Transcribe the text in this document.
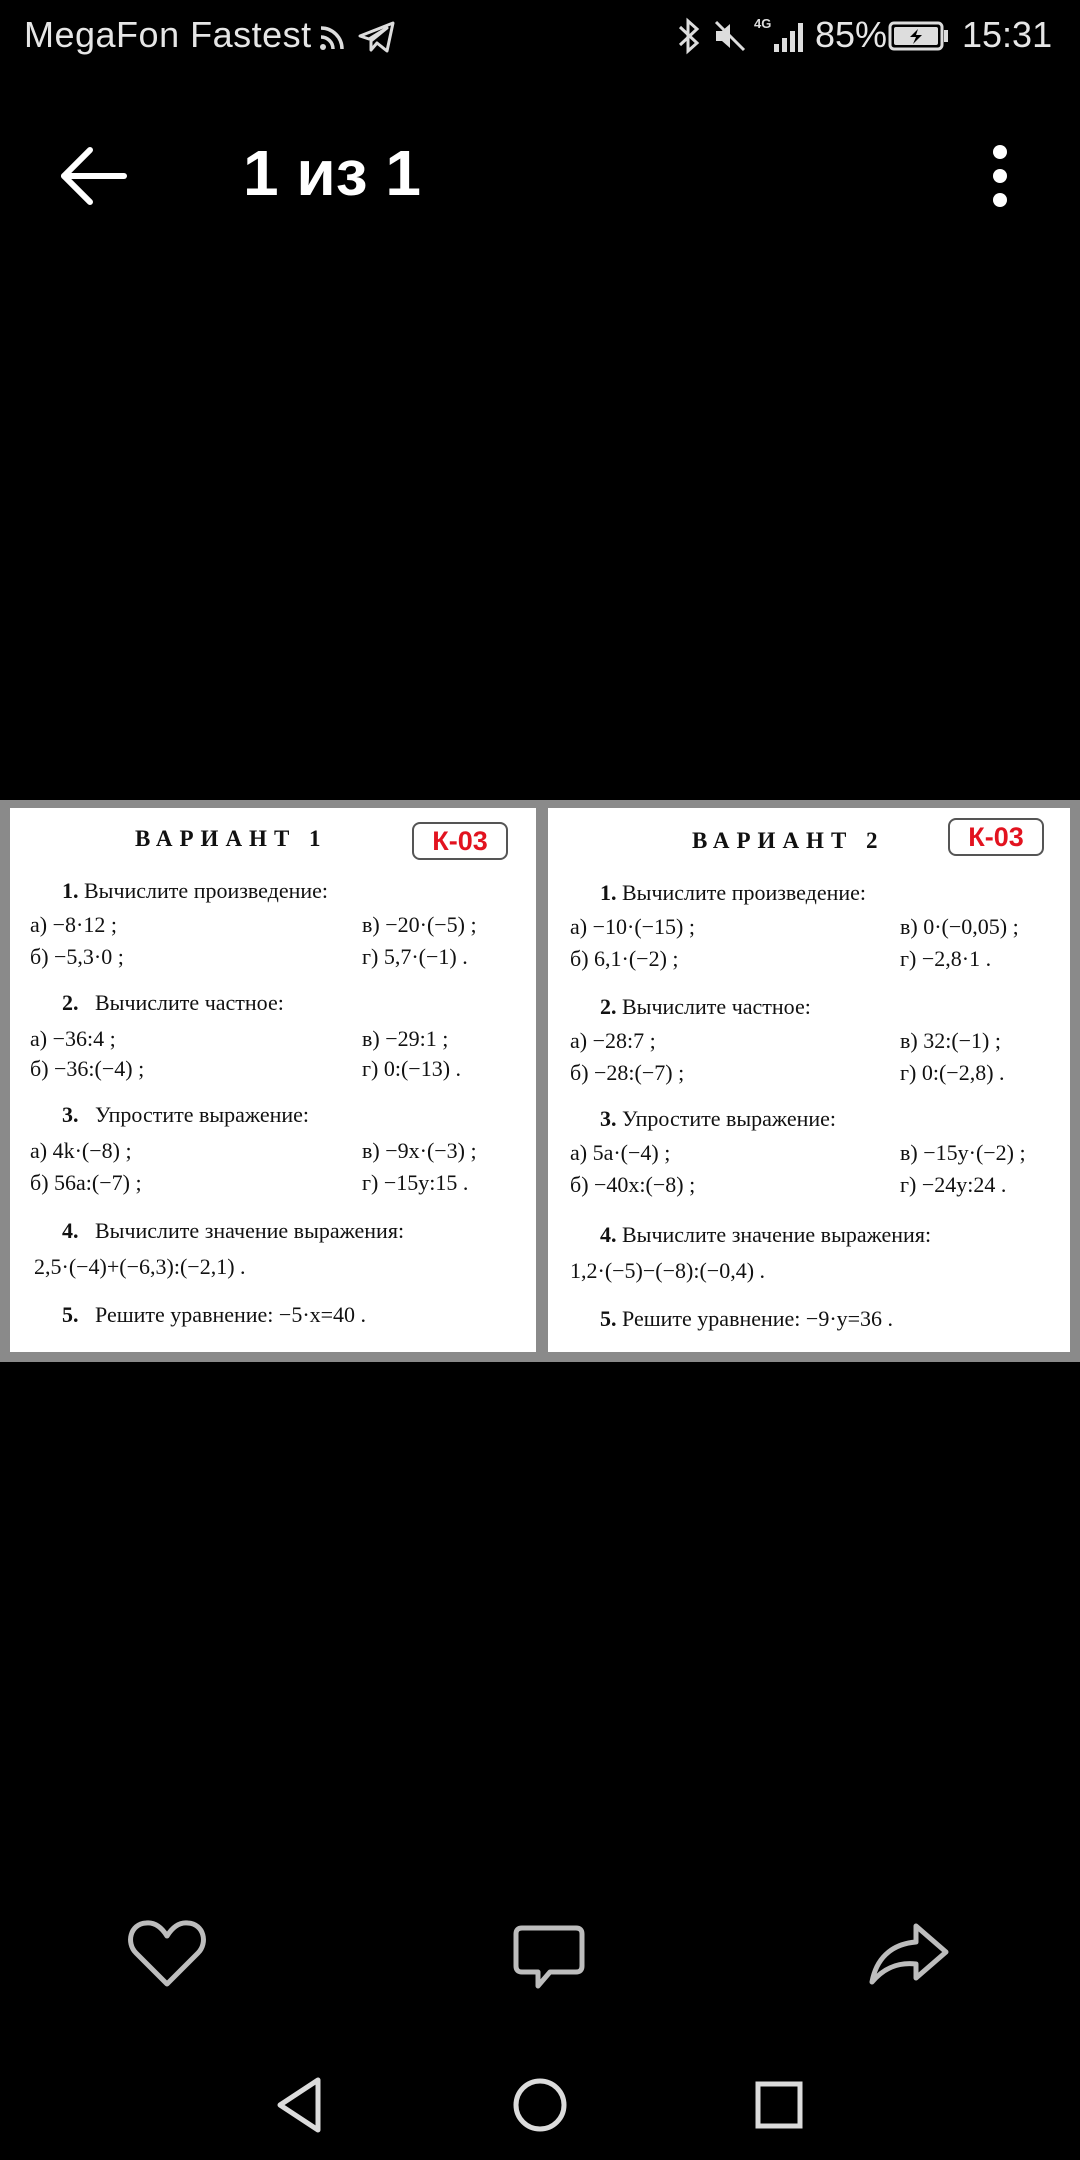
MegaFon Fastest	4G 85% 15:31
1 из 1
ВАРИАНТ 1	К-03
1. Вычислите произведение:
а) −8·12 ;	в) −20·(−5) ;
б) −5,3·0 ;	г) 5,7·(−1) .
2. Вычислите частное:
а) −36:4 ;	в) −29:1 ;
б) −36:(−4) ;	г) 0:(−13) .
3. Упростите выражение:
а) 4k·(−8) ;	в) −9x·(−3) ;
б) 56a:(−7) ;	г) −15y:15 .
4. Вычислите значение выражения:
2,5·(−4)+(−6,3):(−2,1) .
5. Решите уравнение: −5·x=40 .
ВАРИАНТ 2	К-03
1. Вычислите произведение:
а) −10·(−15) ;	в) 0·(−0,05) ;
б) 6,1·(−2) ;	г) −2,8·1 .
2. Вычислите частное:
а) −28:7 ;	в) 32:(−1) ;
б) −28:(−7) ;	г) 0:(−2,8) .
3. Упростите выражение:
а) 5a·(−4) ;	в) −15y·(−2) ;
б) −40x:(−8) ;	г) −24y:24 .
4. Вычислите значение выражения:
1,2·(−5)−(−8):(−0,4) .
5. Решите уравнение: −9·y=36 .
